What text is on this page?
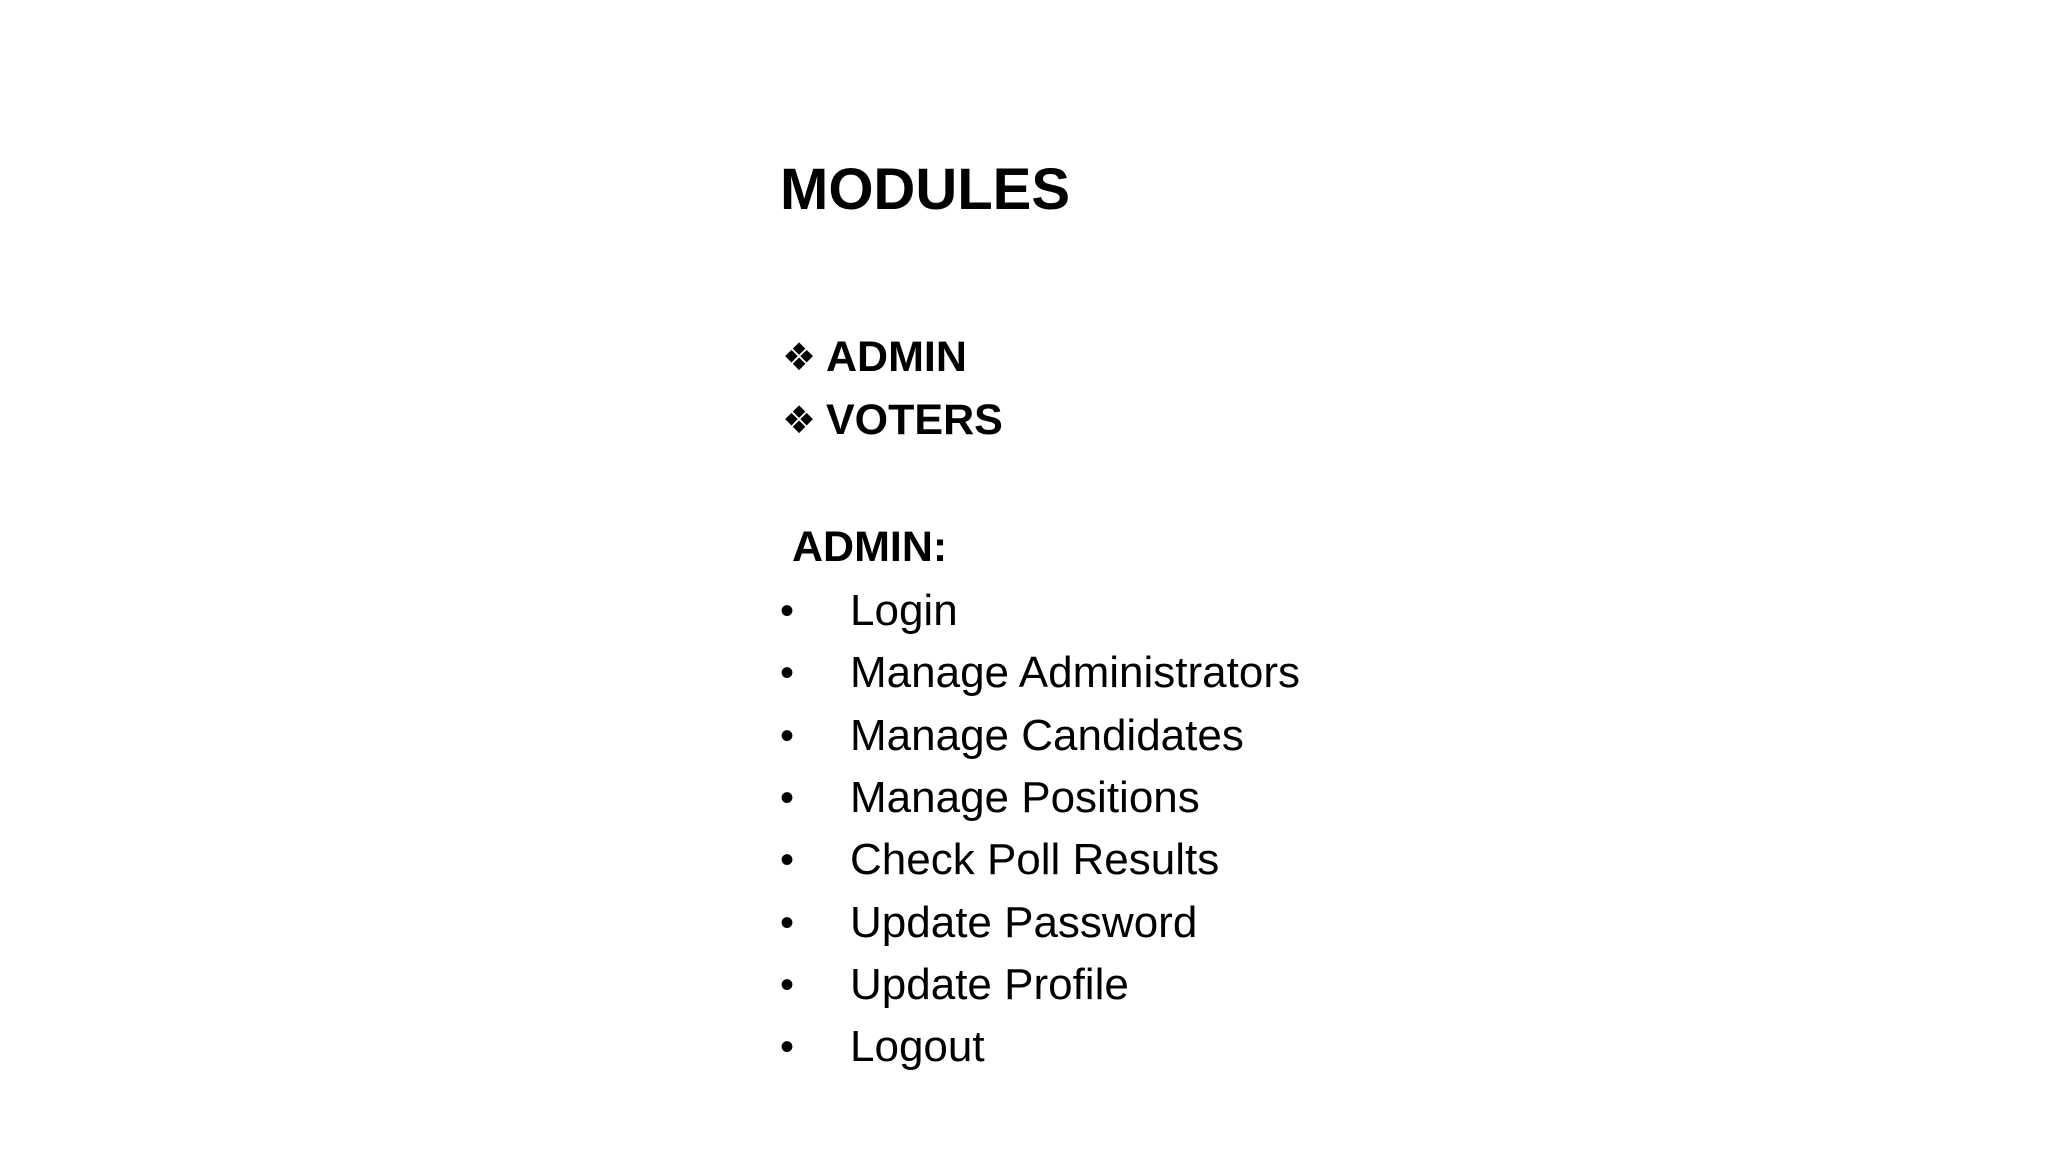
MODULES
❖ ADMIN
❖ VOTERS
ADMIN:
•	Login
•	Manage Administrators
•	Manage Candidates
•	Manage Positions
•	Check Poll Results
•	Update Password
•	Update Profile
•	Logout
